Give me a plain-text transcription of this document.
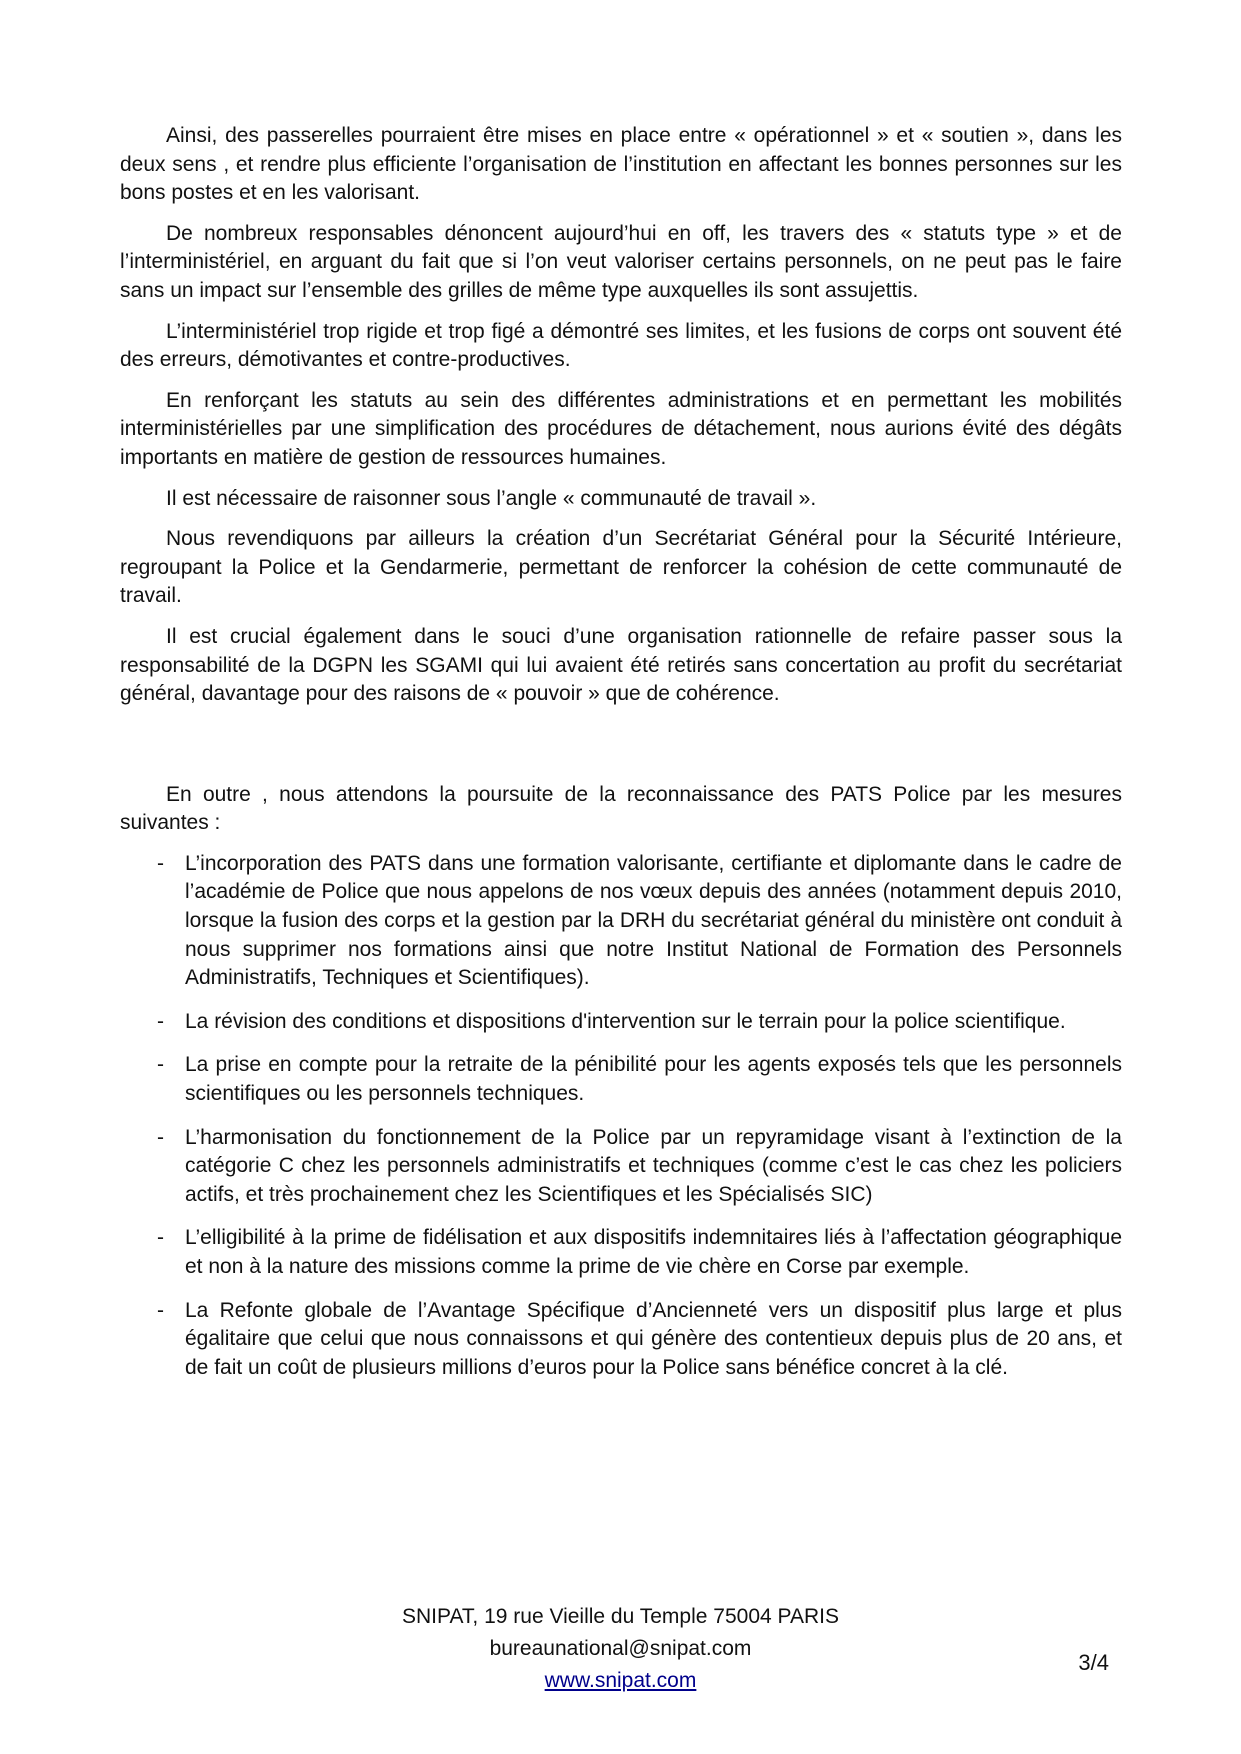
Ainsi, des passerelles pourraient être mises en place entre « opérationnel » et « soutien », dans les deux sens , et rendre plus efficiente l’organisation de l’institution en affectant les bonnes personnes sur les bons postes et en les valorisant.

De nombreux responsables dénoncent aujourd’hui en off, les travers des « statuts type » et de l’interministériel, en arguant du fait que si l’on veut valoriser certains personnels, on ne peut pas le faire sans un impact sur l’ensemble des grilles de même type auxquelles ils sont assujettis.

L’interministériel trop rigide et trop figé a démontré ses limites, et les fusions de corps ont souvent été des erreurs, démotivantes et contre-productives.

En renforçant les statuts au sein des différentes administrations et en permettant les mobilités interministérielles par une simplification des procédures de détachement, nous aurions évité des dégâts importants en matière de gestion de ressources humaines.

Il est nécessaire de raisonner sous l’angle « communauté de travail ».

Nous revendiquons par ailleurs la création d’un Secrétariat Général pour la Sécurité Intérieure, regroupant la Police et la Gendarmerie, permettant de renforcer la cohésion de cette communauté de travail.

Il est crucial également dans le souci d’une organisation rationnelle de refaire passer sous la responsabilité de la DGPN les SGAMI qui lui avaient été retirés sans concertation au profit du secrétariat général, davantage pour des raisons de « pouvoir » que de cohérence.

En outre , nous attendons la poursuite de la reconnaissance des PATS Police par les mesures suivantes :

- L’incorporation des PATS dans une formation valorisante, certifiante et diplomante dans le cadre de l’académie de Police que nous appelons de nos vœux depuis des années (notamment depuis 2010, lorsque la fusion des corps et la gestion par la DRH du secrétariat général du ministère ont conduit à nous supprimer nos formations ainsi que notre Institut National de Formation des Personnels Administratifs, Techniques et Scientifiques).
- La révision des conditions et dispositions d'intervention sur le terrain pour la police scientifique.
- La prise en compte pour la retraite de la pénibilité pour les agents exposés tels que les personnels scientifiques ou les personnels techniques.
- L’harmonisation du fonctionnement de la Police par un repyramidage visant à l’extinction de la catégorie C chez les personnels administratifs et techniques (comme c’est le cas chez les policiers actifs, et très prochainement chez les Scientifiques et les Spécialisés SIC)
- L’elligibilité à la prime de fidélisation et aux dispositifs indemnitaires liés à l’affectation géographique et non à la nature des missions comme la prime de vie chère en Corse par exemple.
- La Refonte globale de l’Avantage Spécifique d’Ancienneté vers un dispositif plus large et plus égalitaire que celui que nous connaissons et qui génère des contentieux depuis plus de 20 ans, et de fait un coût de plusieurs millions d’euros pour la Police sans bénéfice concret à la clé.
SNIPAT, 19 rue Vieille du Temple 75004 PARIS
bureaunational@snipat.com
www.snipat.com
3/4
